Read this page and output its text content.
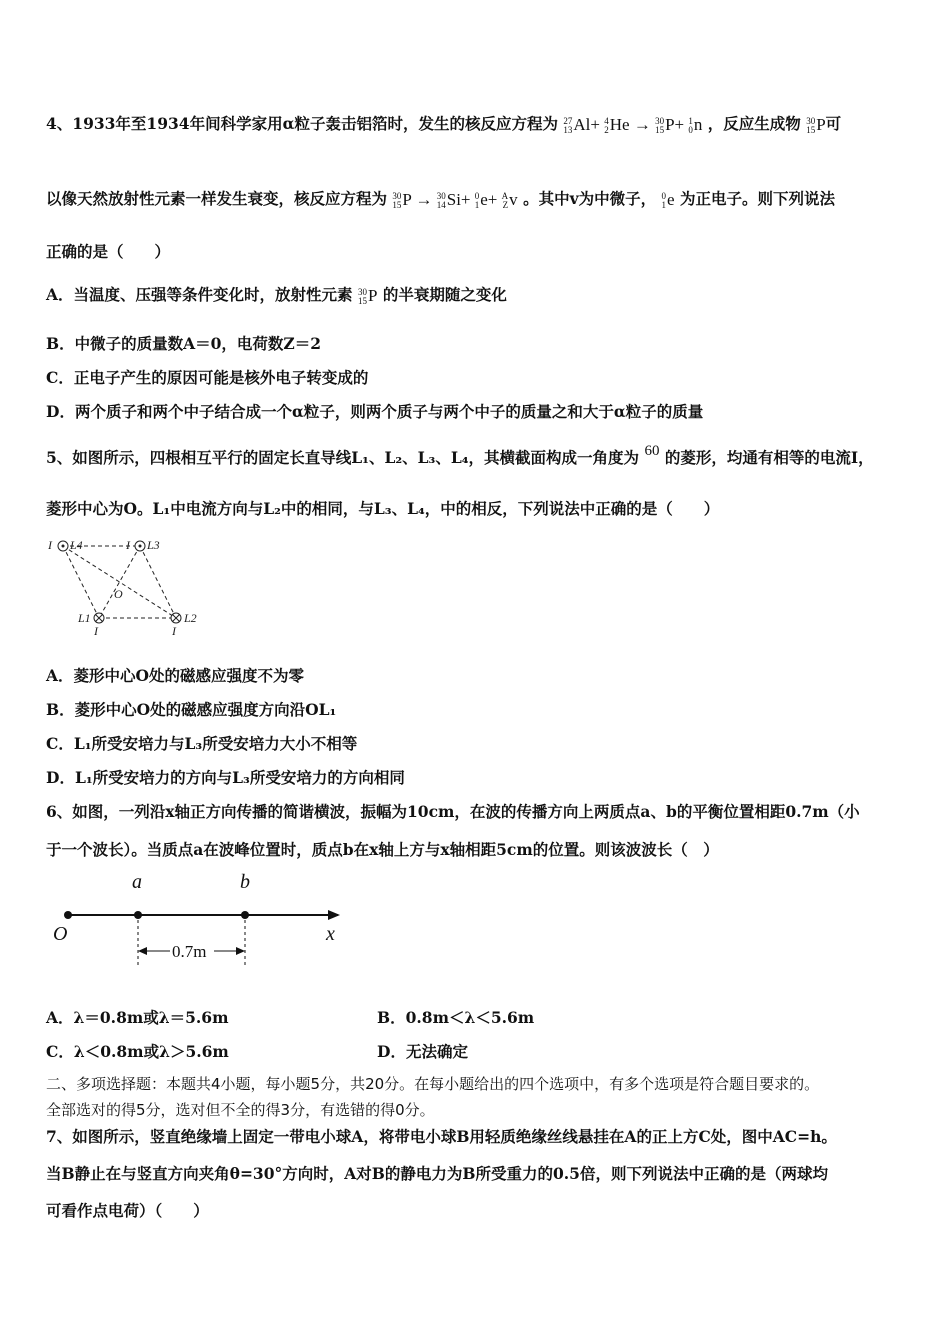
4、1933年至1934年间科学家用α粒子轰击铝箔时，发生的核反应方程为 27
13 Al+ 4
2 He → 30
15 P+ 1
0 n ，反应生成物 30
15 P可
以像天然放射性元素一样发生衰变，核反应方程为 30
15 P → 30
14 Si+ 0
1 e+ A
Z v 。其中v为中微子， 0
1 e 为正电子。则下列说法
正确的是（　　）
A．当温度、压强等条件变化时，放射性元素 30
15 P 的半衰期随之变化
B．中微子的质量数A＝0，电荷数Z＝2
C．正电子产生的原因可能是核外电子转变成的
D．两个质子和两个中子结合成一个α粒子，则两个质子与两个中子的质量之和大于α粒子的质量
5、如图所示，四根相互平行的固定长直导线L₁、L₂、L₃、L₄，其横截面构成一角度为 60 的菱形，均通有相等的电流I，
菱形中心为O。L₁中电流方向与L₂中的相同，与L₃、L₄，中的相反，下列说法中正确的是（　　）
I L4	I L3
O
L1
I
L2
I
A．菱形中心O处的磁感应强度不为零
B．菱形中心O处的磁感应强度方向沿OL₁
C．L₁所受安培力与L₃所受安培力大小不相等
D．L₁所受安培力的方向与L₃所受安培力的方向相同
6、如图，一列沿x轴正方向传播的简谐横波，振幅为10cm，在波的传播方向上两质点a、b的平衡位置相距0.7m（小
于一个波长）。当质点a在波峰位置时，质点b在x轴上方与x轴相距5cm的位置。则该波波长（　）
0.7m
a	b
O	x
A．λ＝0.8m或λ＝5.6m	B．0.8m＜λ＜5.6m
C．λ＜0.8m或λ＞5.6m	D．无法确定
二、多项选择题：本题共4小题，每小题5分，共20分。在每小题给出的四个选项中，有多个选项是符合题目要求的。
全部选对的得5分，选对但不全的得3分，有选错的得0分。
7、如图所示，竖直绝缘墙上固定一带电小球A，将带电小球B用轻质绝缘丝线悬挂在A的正上方C处，图中AC=h。
当B静止在与竖直方向夹角θ=30°方向时，A对B的静电力为B所受重力的0.5倍，则下列说法中正确的是（两球均
可看作点电荷）（　　）
